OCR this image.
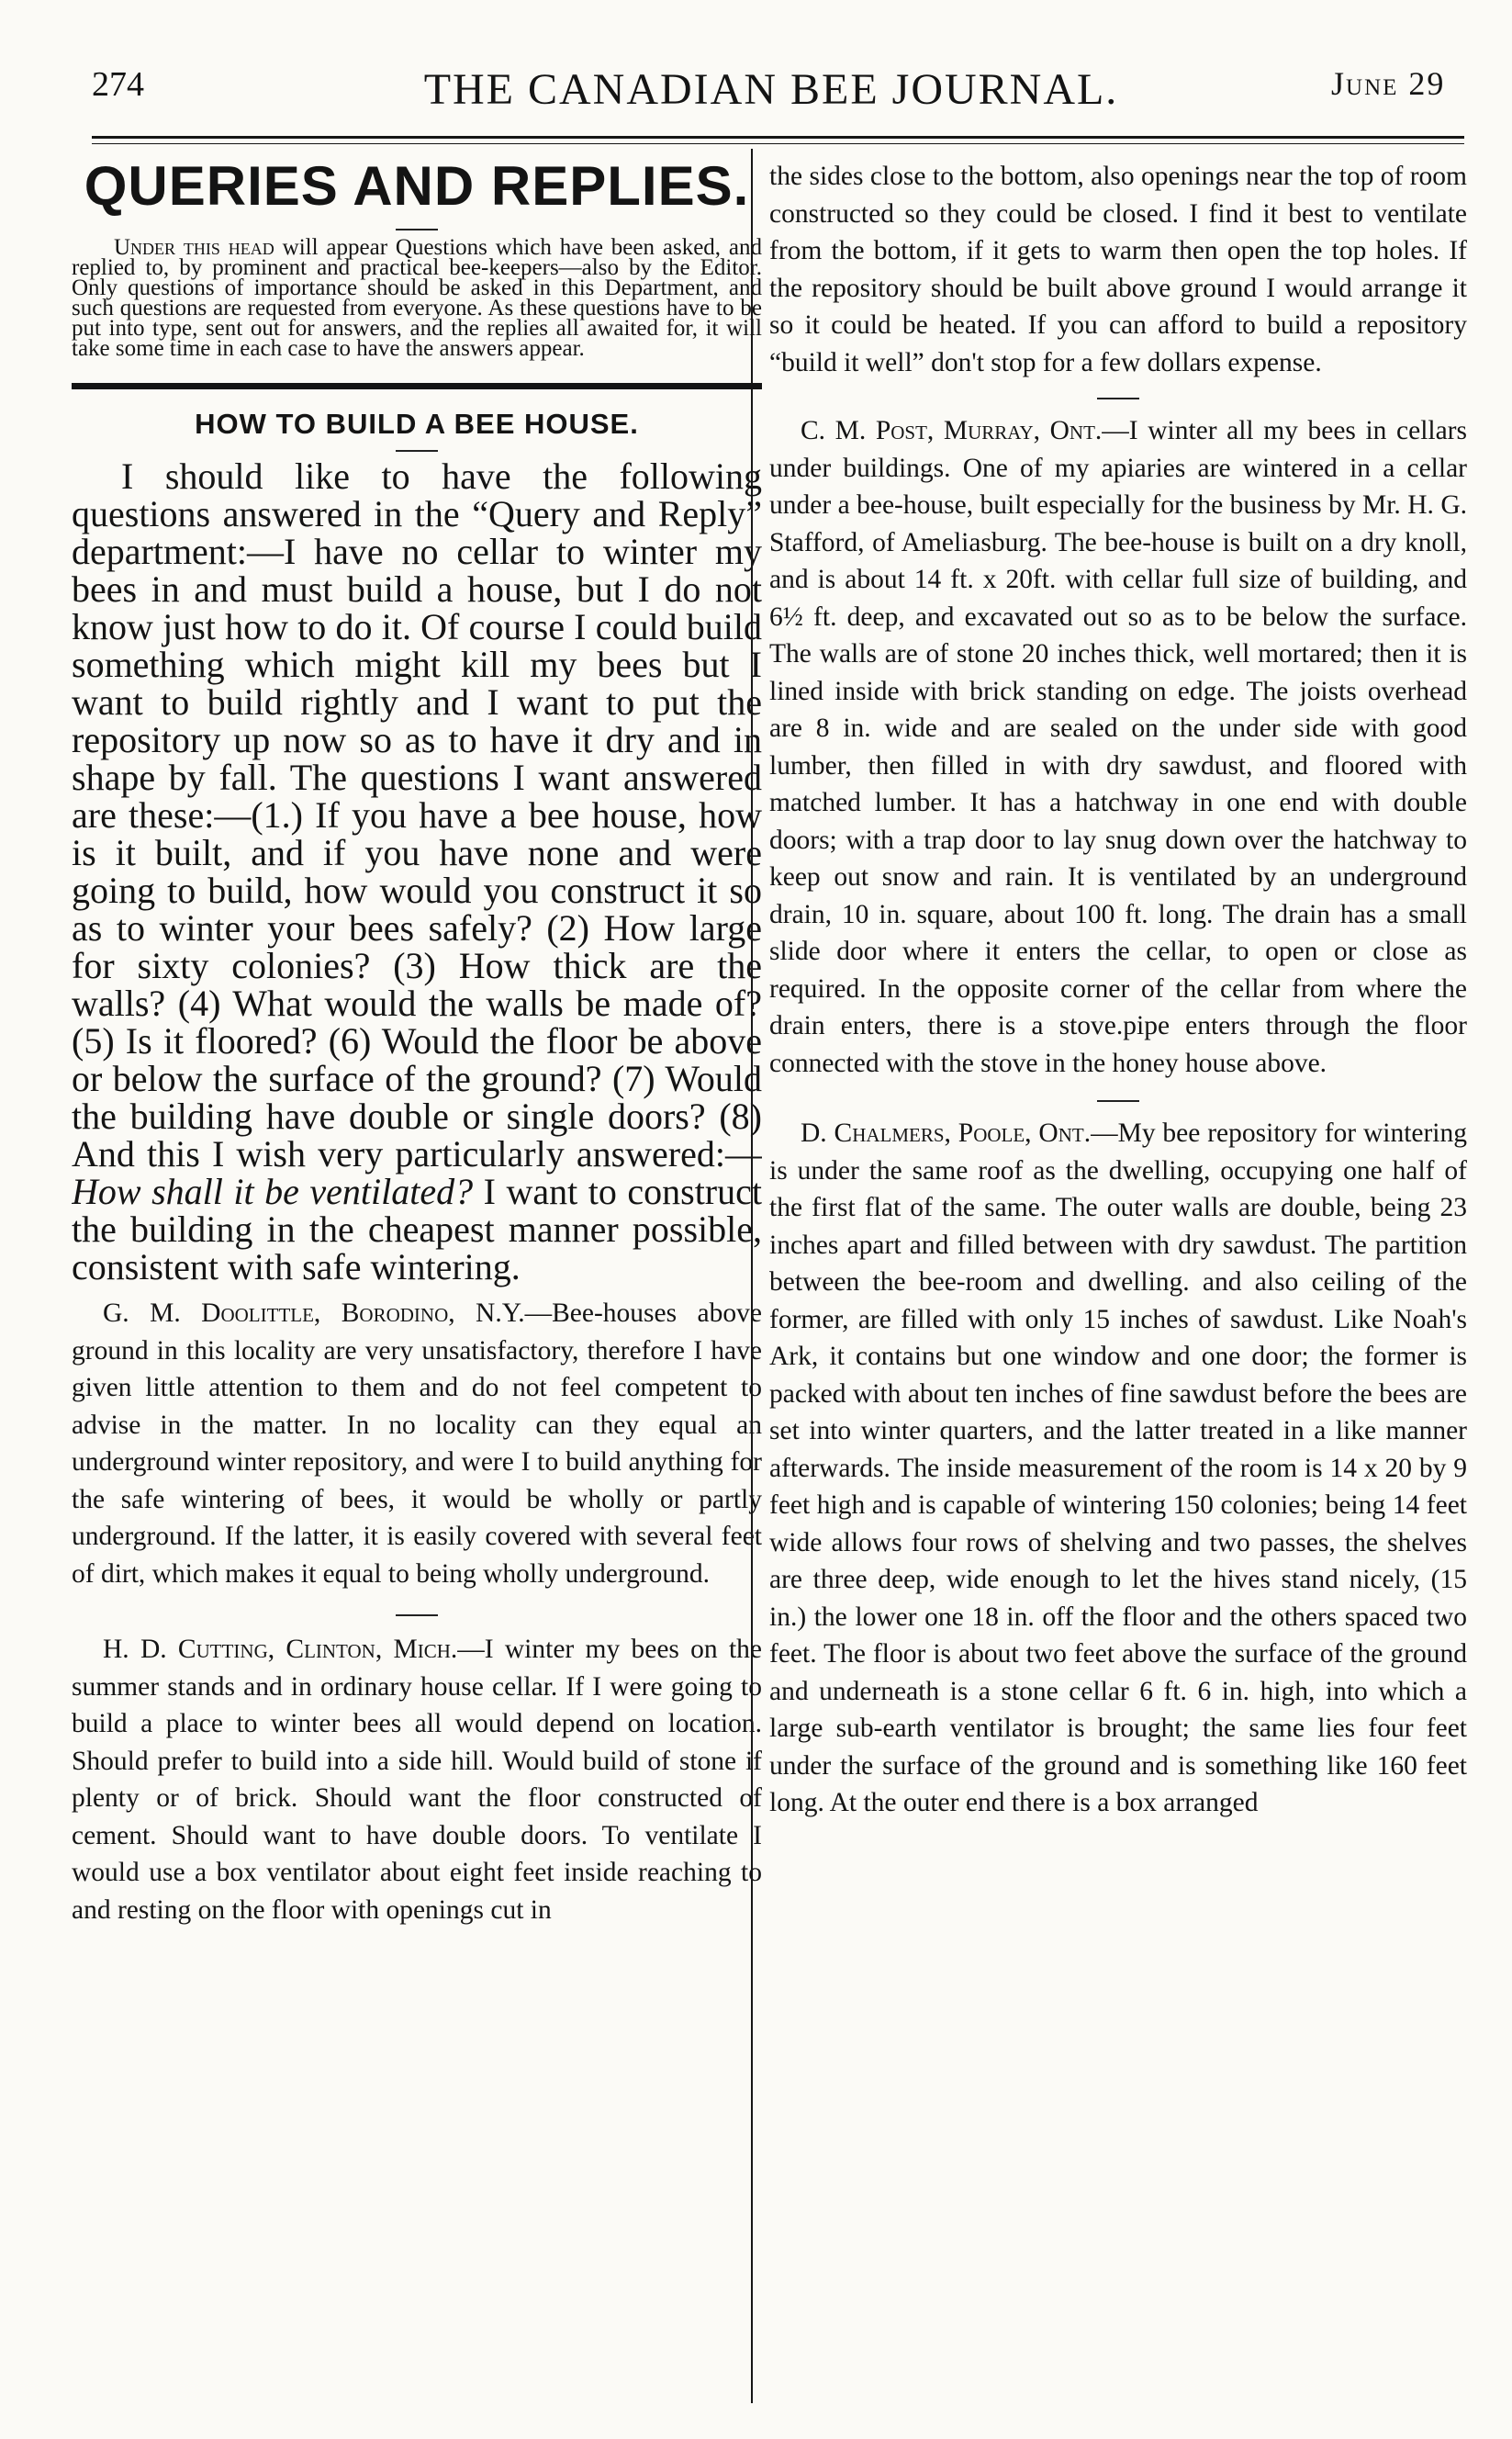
274	THE CANADIAN BEE JOURNAL.	June 29
QUERIES AND REPLIES.

Under this head will appear Questions which have been asked, and replied to, by prominent and practical bee-keepers—also by the Editor. Only questions of importance should be asked in this Department, and such questions are requested from everyone. As these questions have to be put into type, sent out for answers, and the replies all awaited for, it will take some time in each case to have the answers appear.

HOW TO BUILD A BEE HOUSE.

I should like to have the following questions answered in the “Query and Reply” department:—I have no cellar to winter my bees in and must build a house, but I do not know just how to do it. Of course I could build something which might kill my bees but I want to build rightly and I want to put the repository up now so as to have it dry and in shape by fall. The questions I want answered are these:—(1.) If you have a bee house, how is it built, and if you have none and were going to build, how would you construct it so as to winter your bees safely? (2) How large for sixty colonies? (3) How thick are the walls? (4) What would the walls be made of? (5) Is it floored? (6) Would the floor be above or below the surface of the ground? (7) Would the building have double or single doors? (8) And this I wish very particularly answered:— How shall it be ventilated? I want to construct the building in the cheapest manner possible, consistent with safe wintering.

G. M. Doolittle, Borodino, N.Y.—Bee-houses above ground in this locality are very unsatisfactory, therefore I have given little attention to them and do not feel competent to advise in the matter. In no locality can they equal an underground winter repository, and were I to build anything for the safe wintering of bees, it would be wholly or partly underground. If the latter, it is easily covered with several feet of dirt, which makes it equal to being wholly underground.

H. D. Cutting, Clinton, Mich.—I winter my bees on the summer stands and in ordinary house cellar. If I were going to build a place to winter bees all would depend on location. Should prefer to build into a side hill. Would build of stone if plenty or of brick. Should want the floor constructed of cement. Should want to have double doors. To ventilate I would use a box ventilator about eight feet inside reaching to and resting on the floor with openings cut in

the sides close to the bottom, also openings near the top of room constructed so they could be closed. I find it best to ventilate from the bottom, if it gets to warm then open the top holes. If the repository should be built above ground I would arrange it so it could be heated. If you can afford to build a repository “build it well” don't stop for a few dollars expense.

C. M. Post, Murray, Ont.—I winter all my bees in cellars under buildings. One of my apiaries are wintered in a cellar under a bee-house, built especially for the business by Mr. H. G. Stafford, of Ameliasburg. The bee-house is built on a dry knoll, and is about 14 ft. x 20ft. with cellar full size of building, and 6½ ft. deep, and excavated out so as to be below the surface. The walls are of stone 20 inches thick, well mortared; then it is lined inside with brick standing on edge. The joists overhead are 8 in. wide and are sealed on the under side with good lumber, then filled in with dry sawdust, and floored with matched lumber. It has a hatchway in one end with double doors; with a trap door to lay snug down over the hatchway to keep out snow and rain. It is ventilated by an underground drain, 10 in. square, about 100 ft. long. The drain has a small slide door where it enters the cellar, to open or close as required. In the opposite corner of the cellar from where the drain enters, there is a stove.pipe enters through the floor connected with the stove in the honey house above.

D. Chalmers, Poole, Ont.—My bee repository for wintering is under the same roof as the dwelling, occupying one half of the first flat of the same. The outer walls are double, being 23 inches apart and filled between with dry sawdust. The partition between the bee-room and dwelling. and also ceiling of the former, are filled with only 15 inches of sawdust. Like Noah's Ark, it contains but one window and one door; the former is packed with about ten inches of fine sawdust before the bees are set into winter quarters, and the latter treated in a like manner afterwards. The inside measurement of the room is 14 x 20 by 9 feet high and is capable of wintering 150 colonies; being 14 feet wide allows four rows of shelving and two passes, the shelves are three deep, wide enough to let the hives stand nicely, (15 in.) the lower one 18 in. off the floor and the others spaced two feet. The floor is about two feet above the surface of the ground and underneath is a stone cellar 6 ft. 6 in. high, into which a large sub-earth ventilator is brought; the same lies four feet under the surface of the ground and is something like 160 feet long. At the outer end there is a box arranged
